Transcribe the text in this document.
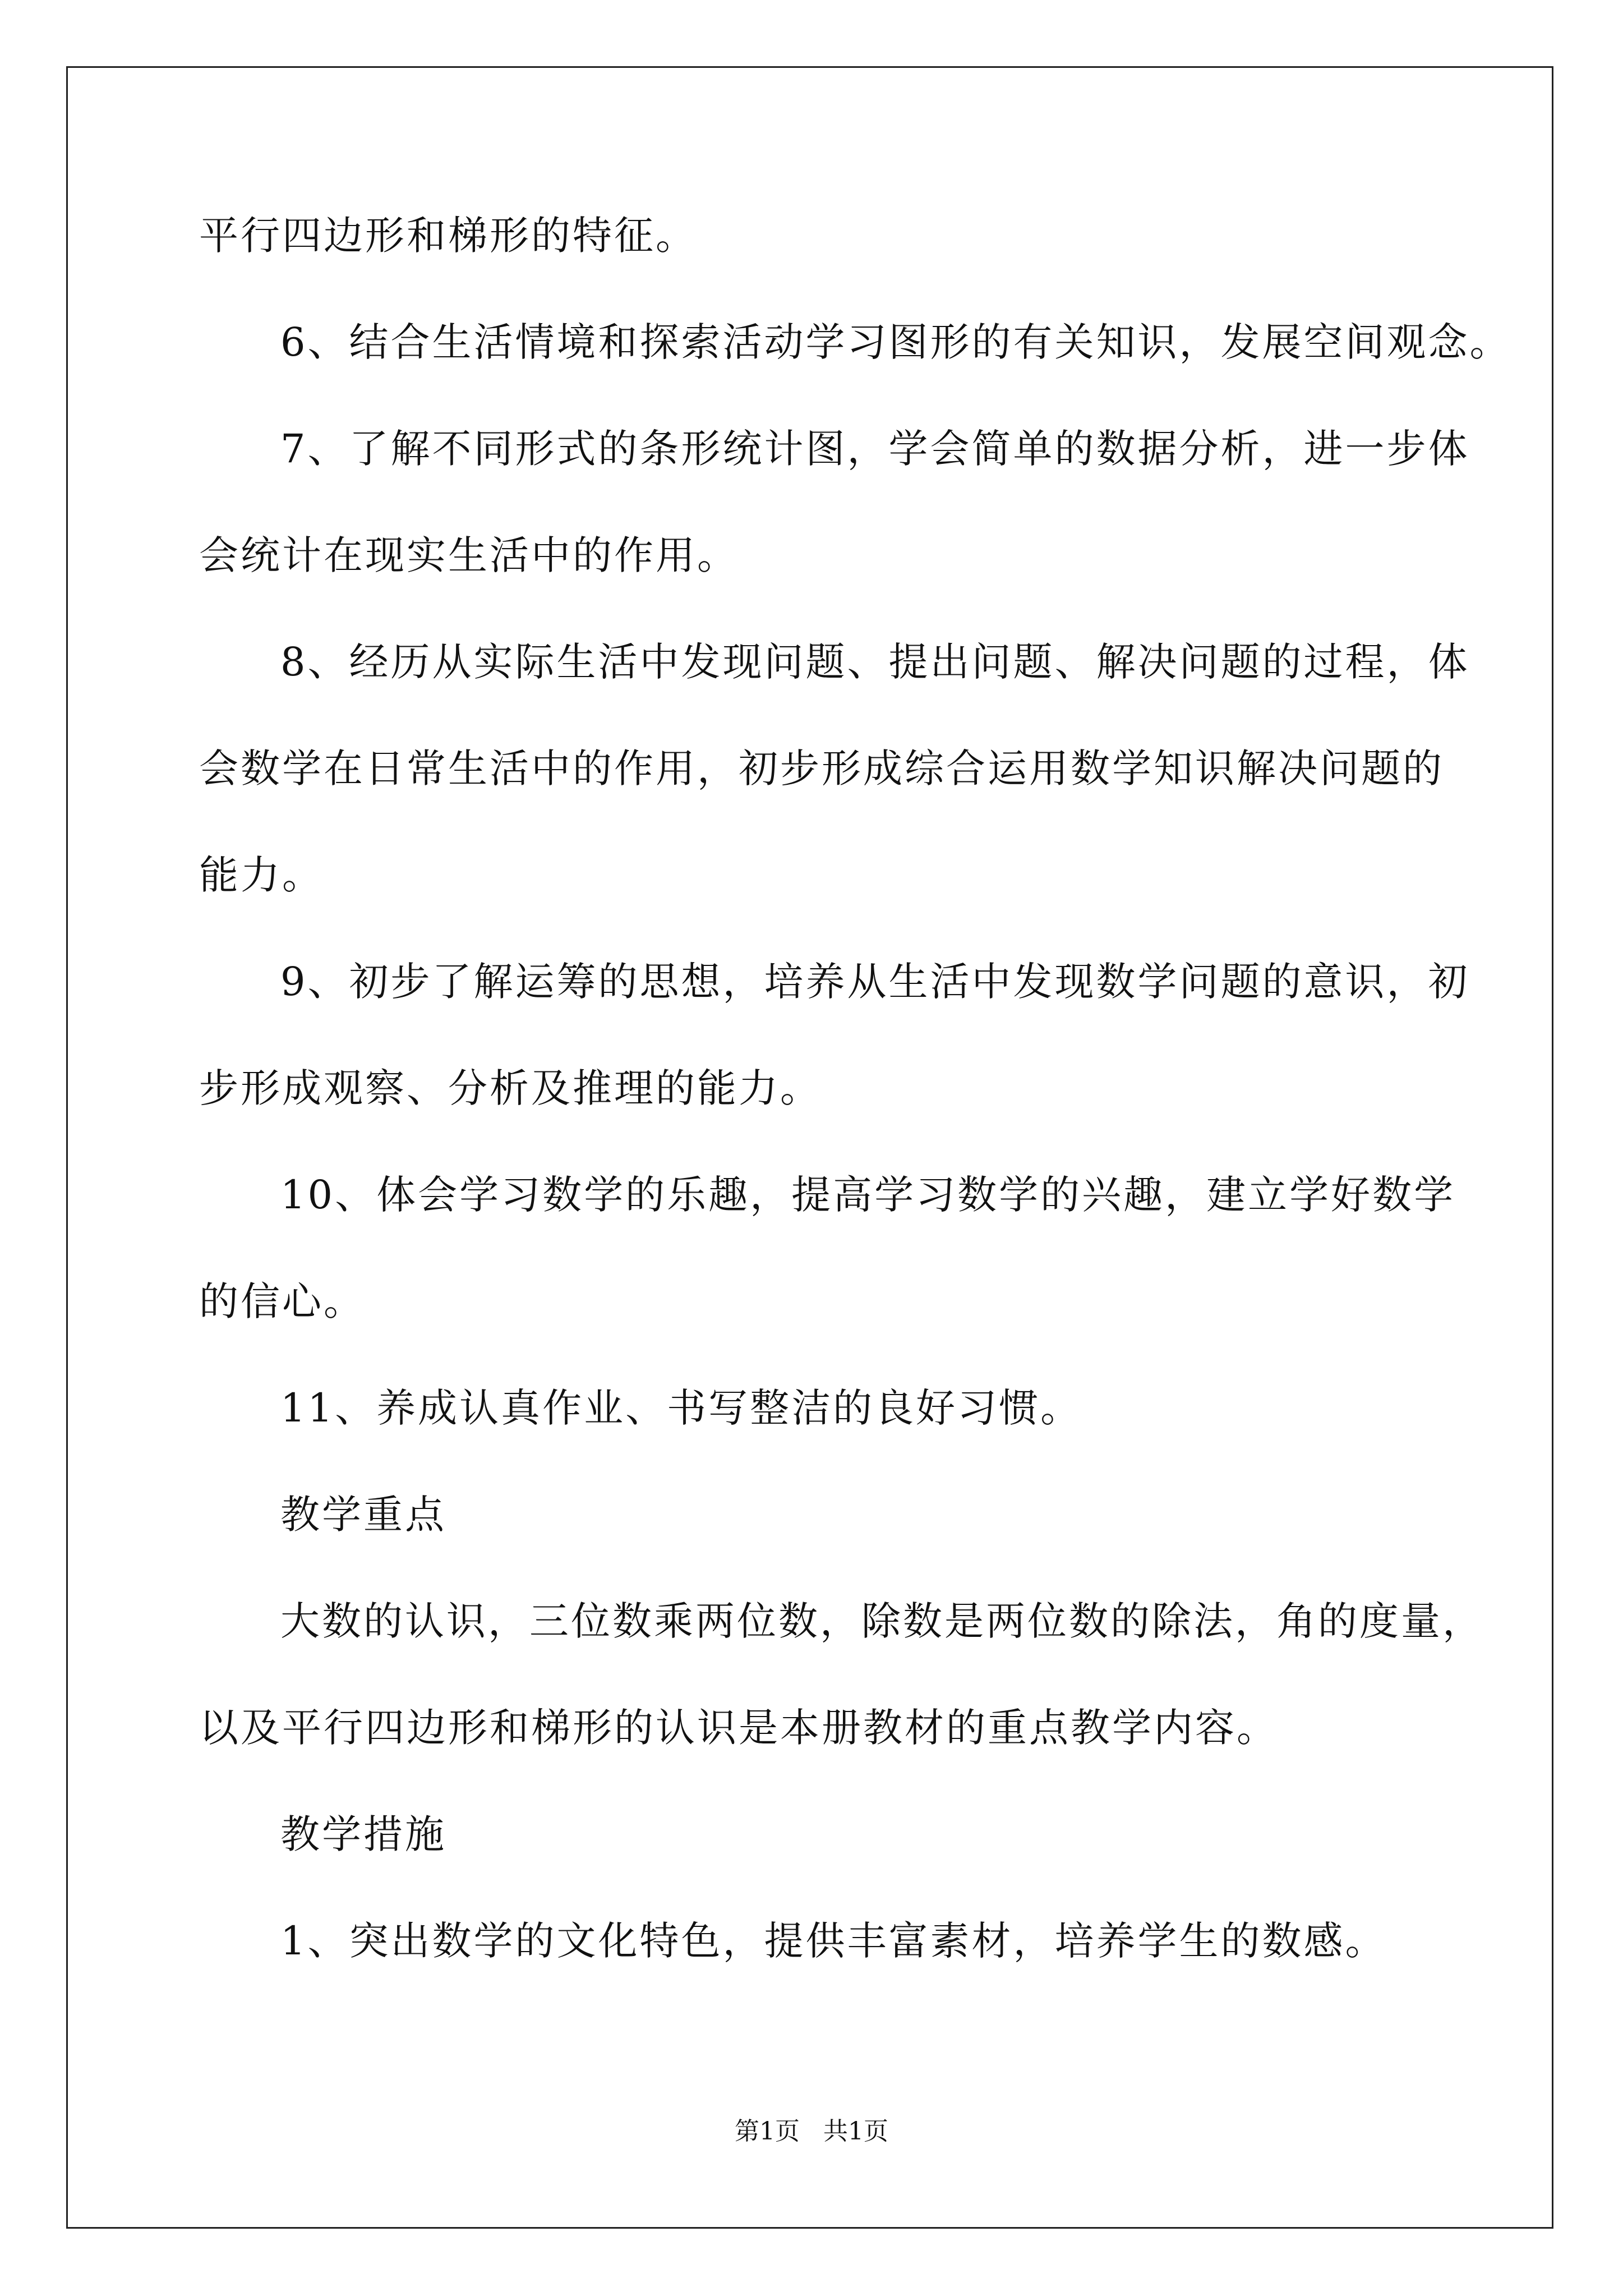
平行四边形和梯形的特征。
6、结合生活情境和探索活动学习图形的有关知识，发展空间观念。
7、了解不同形式的条形统计图，学会简单的数据分析，进一步体
会统计在现实生活中的作用。
8、经历从实际生活中发现问题、提出问题、解决问题的过程，体
会数学在日常生活中的作用，初步形成综合运用数学知识解决问题的
能力。
9、初步了解运筹的思想，培养从生活中发现数学问题的意识，初
步形成观察、分析及推理的能力。
10、体会学习数学的乐趣，提高学习数学的兴趣，建立学好数学
的信心。
11、养成认真作业、书写整洁的良好习惯。
教学重点
大数的认识，三位数乘两位数，除数是两位数的除法，角的度量，
以及平行四边形和梯形的认识是本册教材的重点教学内容。
教学措施
1、突出数学的文化特色，提供丰富素材，培养学生的数感。
第1页 共1页
